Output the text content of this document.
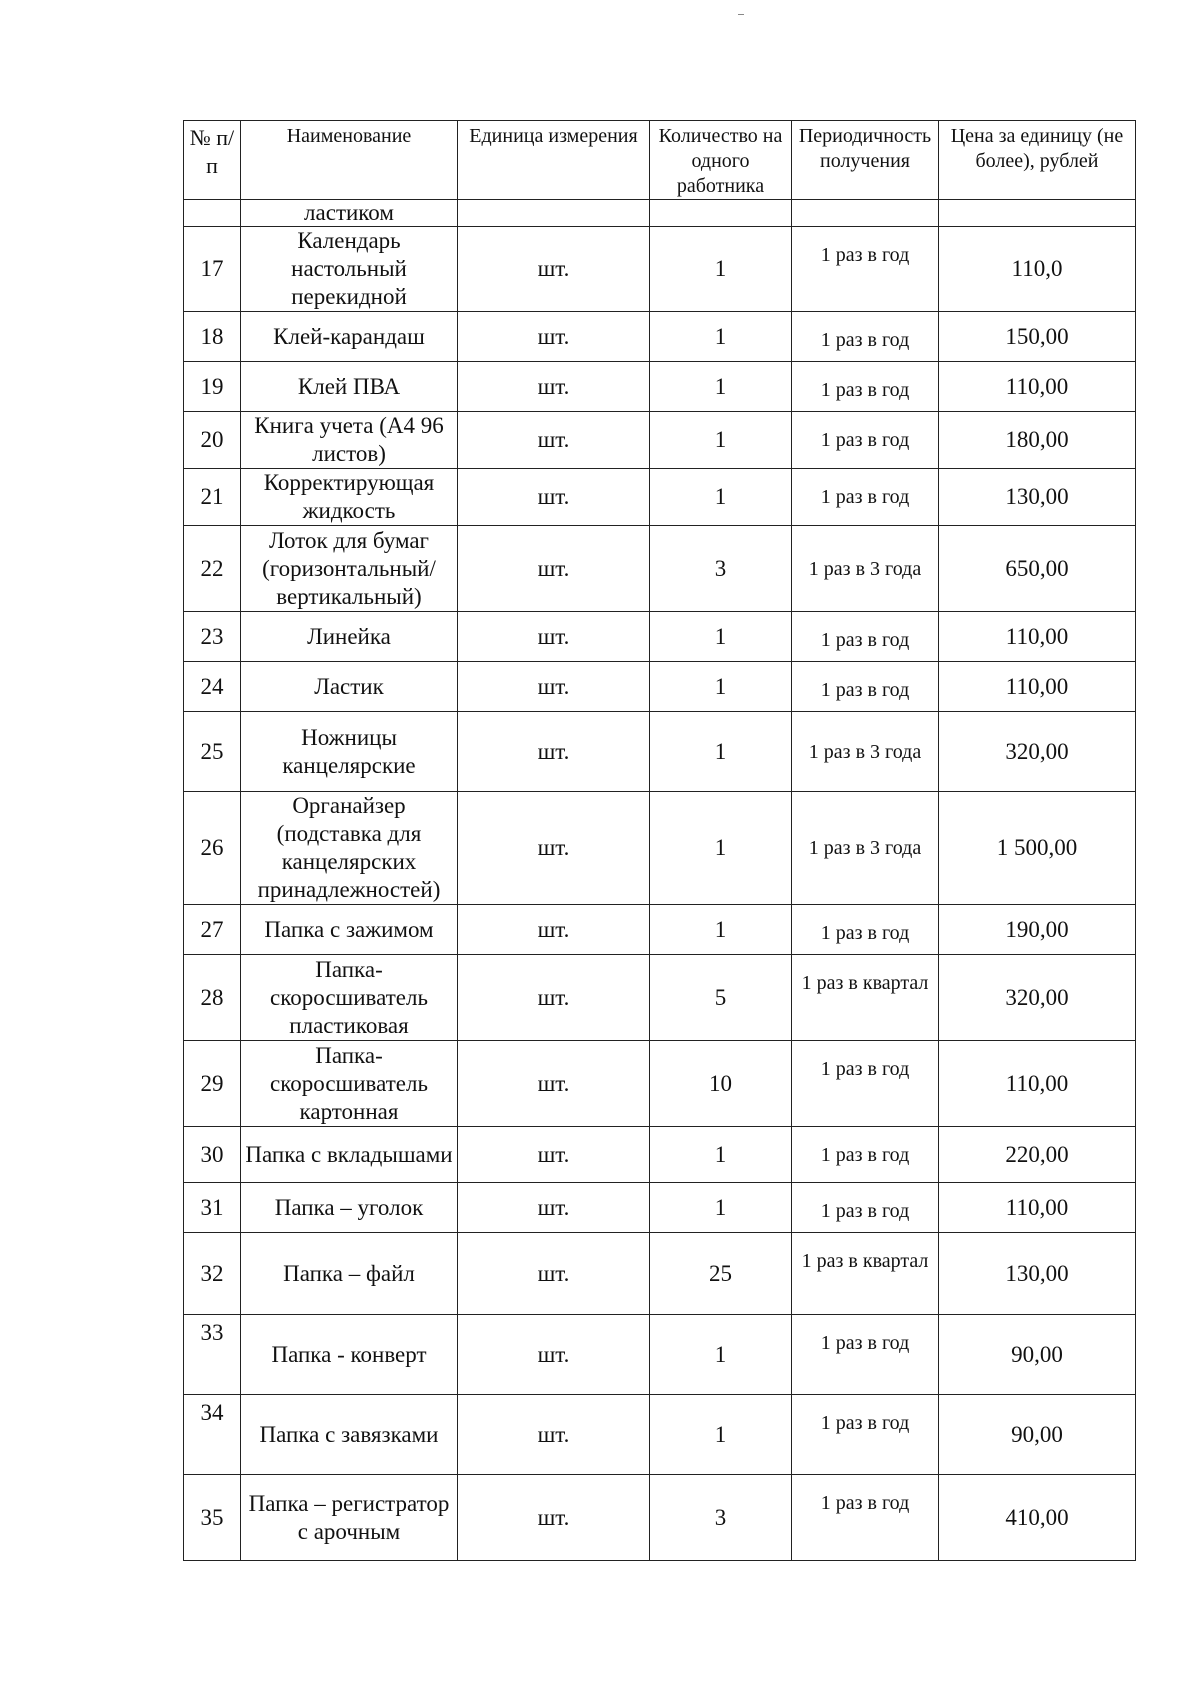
№ п/п	Наименование	Единица измерения	Количество на одного работника	Периодичность получения	Цена за единицу (не более), рублей
	ластиком				
17	Календарь настольный перекидной	шт.	1	1 раз в год	110,0
18	Клей-карандаш	шт.	1	1 раз в год	150,00
19	Клей ПВА	шт.	1	1 раз в год	110,00
20	Книга учета (А4 96 листов)	шт.	1	1 раз в год	180,00
21	Корректирующая жидкость	шт.	1	1 раз в год	130,00
22	Лоток для бумаг (горизонтальный/ вертикальный)	шт.	3	1 раз в 3 года	650,00
23	Линейка	шт.	1	1 раз в год	110,00
24	Ластик	шт.	1	1 раз в год	110,00
25	Ножницы канцелярские	шт.	1	1 раз в 3 года	320,00
26	Органайзер (подставка для канцелярских принадлежностей)	шт.	1	1 раз в 3 года	1 500,00
27	Папка с зажимом	шт.	1	1 раз в год	190,00
28	Папка-скоросшиватель пластиковая	шт.	5	1 раз в квартал	320,00
29	Папка-скоросшиватель картонная	шт.	10	1 раз в год	110,00
30	Папка с вкладышами	шт.	1	1 раз в год	220,00
31	Папка – уголок	шт.	1	1 раз в год	110,00
32	Папка – файл	шт.	25	1 раз в квартал	130,00
33	Папка - конверт	шт.	1	1 раз в год	90,00
34	Папка с завязками	шт.	1	1 раз в год	90,00
35	Папка – регистратор с арочным	шт.	3	1 раз в год	410,00
